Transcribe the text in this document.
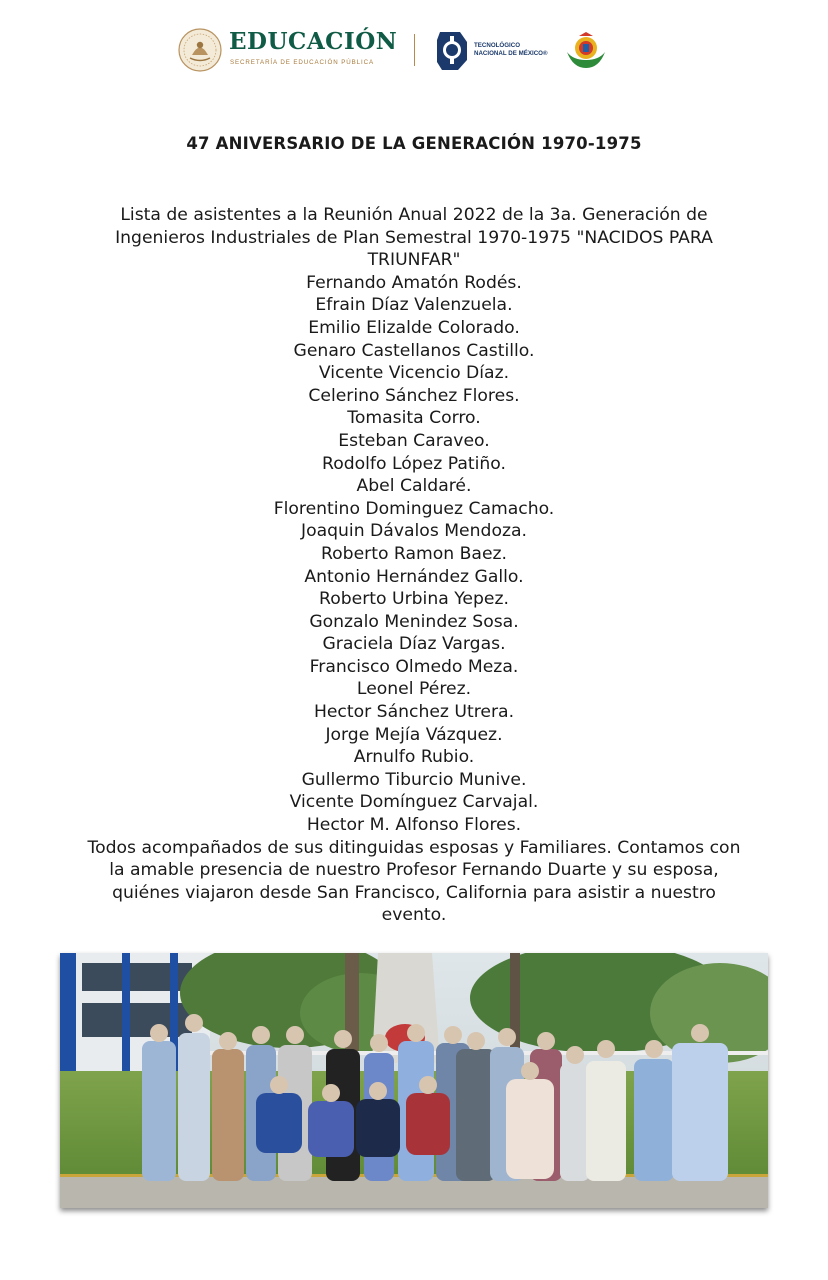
EDUCACIÓN
SECRETARÍA DE EDUCACIÓN PÚBLICA
TECNOLÓGICO
NACIONAL DE MÉXICO®
47 ANIVERSARIO DE LA GENERACIÓN 1970-1975

Lista de asistentes a la Reunión Anual 2022 de la 3a. Generación de Ingenieros Industriales de Plan Semestral 1970-1975 "NACIDOS PARA TRIUNFAR"

Fernando Amatón Rodés.
Efrain Díaz Valenzuela.
Emilio Elizalde Colorado.
Genaro Castellanos Castillo.
Vicente Vicencio Díaz.
Celerino Sánchez Flores.
Tomasita Corro.
Esteban Caraveo.
Rodolfo López Patiño.
Abel Caldaré.
Florentino Dominguez Camacho.
Joaquin Dávalos Mendoza.
Roberto Ramon Baez.
Antonio Hernández Gallo.
Roberto Urbina Yepez.
Gonzalo Menindez Sosa.
Graciela Díaz Vargas.
Francisco Olmedo Meza.
Leonel Pérez.
Hector Sánchez Utrera.
Jorge Mejía Vázquez.
Arnulfo Rubio.
Gullermo Tiburcio Munive.
Vicente Domínguez Carvajal.
Hector M. Alfonso Flores.

Todos acompañados de sus ditinguidas esposas y Familiares. Contamos con la amable presencia de nuestro Profesor Fernando Duarte y su esposa, quiénes viajaron desde San Francisco, California para asistir a nuestro evento.
